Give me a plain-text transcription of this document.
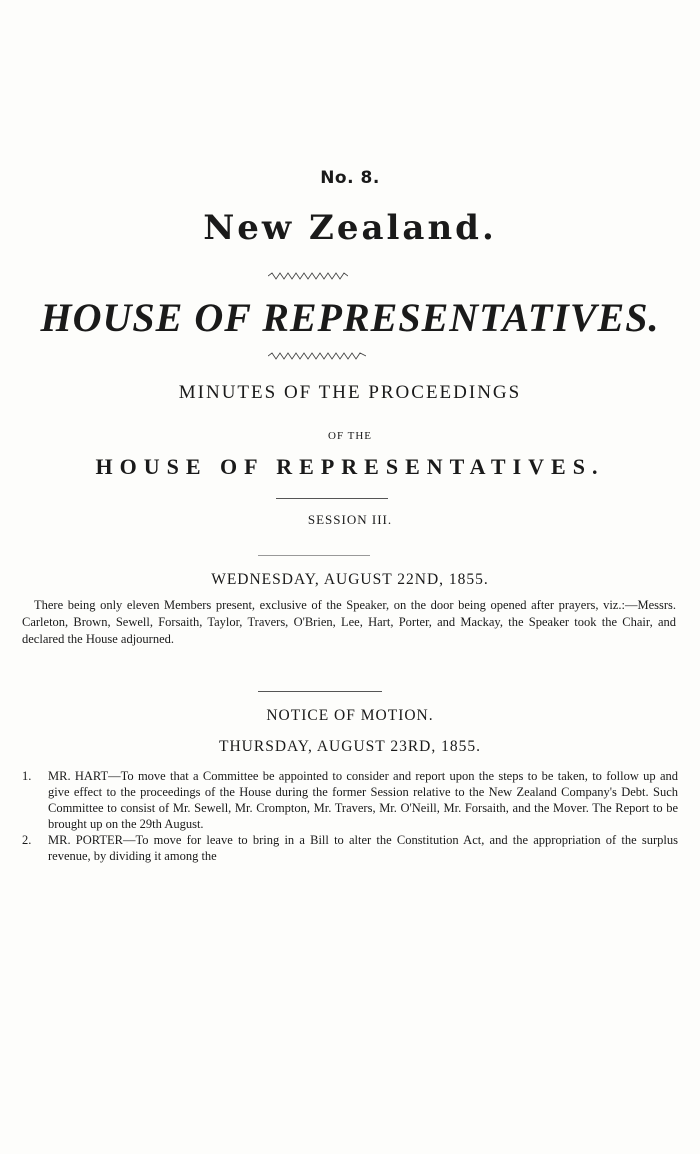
No. 8.
New Zealand.
HOUSE OF REPRESENTATIVES.
MINUTES OF THE PROCEEDINGS
OF THE
HOUSE OF REPRESENTATIVES.
SESSION III.
WEDNESDAY, AUGUST 22ND, 1855.

There being only eleven Members present, exclusive of the Speaker, on the door being opened after prayers, viz.:—Messrs. Carleton, Brown, Sewell, Forsaith, Taylor, Travers, O'Brien, Lee, Hart, Porter, and Mackay, the Speaker took the Chair, and declared the House adjourned.

NOTICE OF MOTION.
THURSDAY, AUGUST 23RD, 1855.
1.	MR. HART—To move that a Committee be appointed to consider and report upon the steps to be taken, to follow up and give effect to the proceedings of the House during the former Session relative to the New Zealand Company's Debt. Such Committee to consist of Mr. Sewell, Mr. Crompton, Mr. Travers, Mr. O'Neill, Mr. Forsaith, and the Mover. The Report to be brought up on the 29th August.
2.	MR. PORTER—To move for leave to bring in a Bill to alter the Constitution Act, and the appropriation of the surplus revenue, by dividing it among the
